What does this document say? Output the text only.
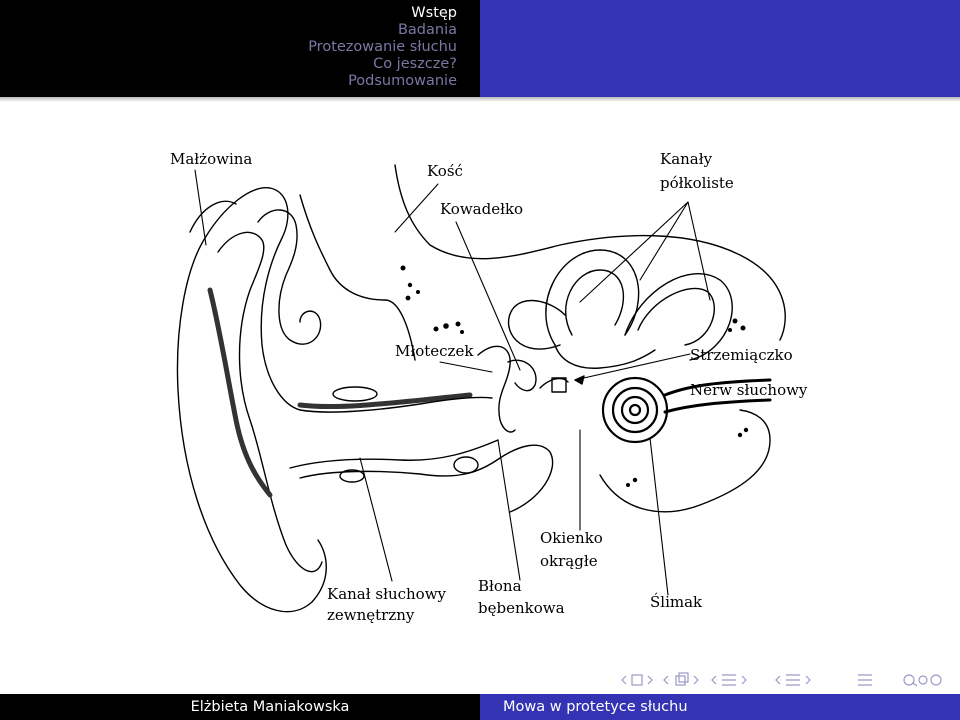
Wstęp
Badania
Protezowanie słuchu
Co jeszcze?
Podsumowanie
Małżowina
Kość
Kowadełko
Kanały
półkoliste
Młoteczek	Strzemiączko
Nerw słuchowy
Okienko
okrągłe
Kanał słuchowy
zewnętrzny
Błona
bębenkowa	Ślimak
Elżbieta Maniakowska	Mowa w protetyce słuchu
